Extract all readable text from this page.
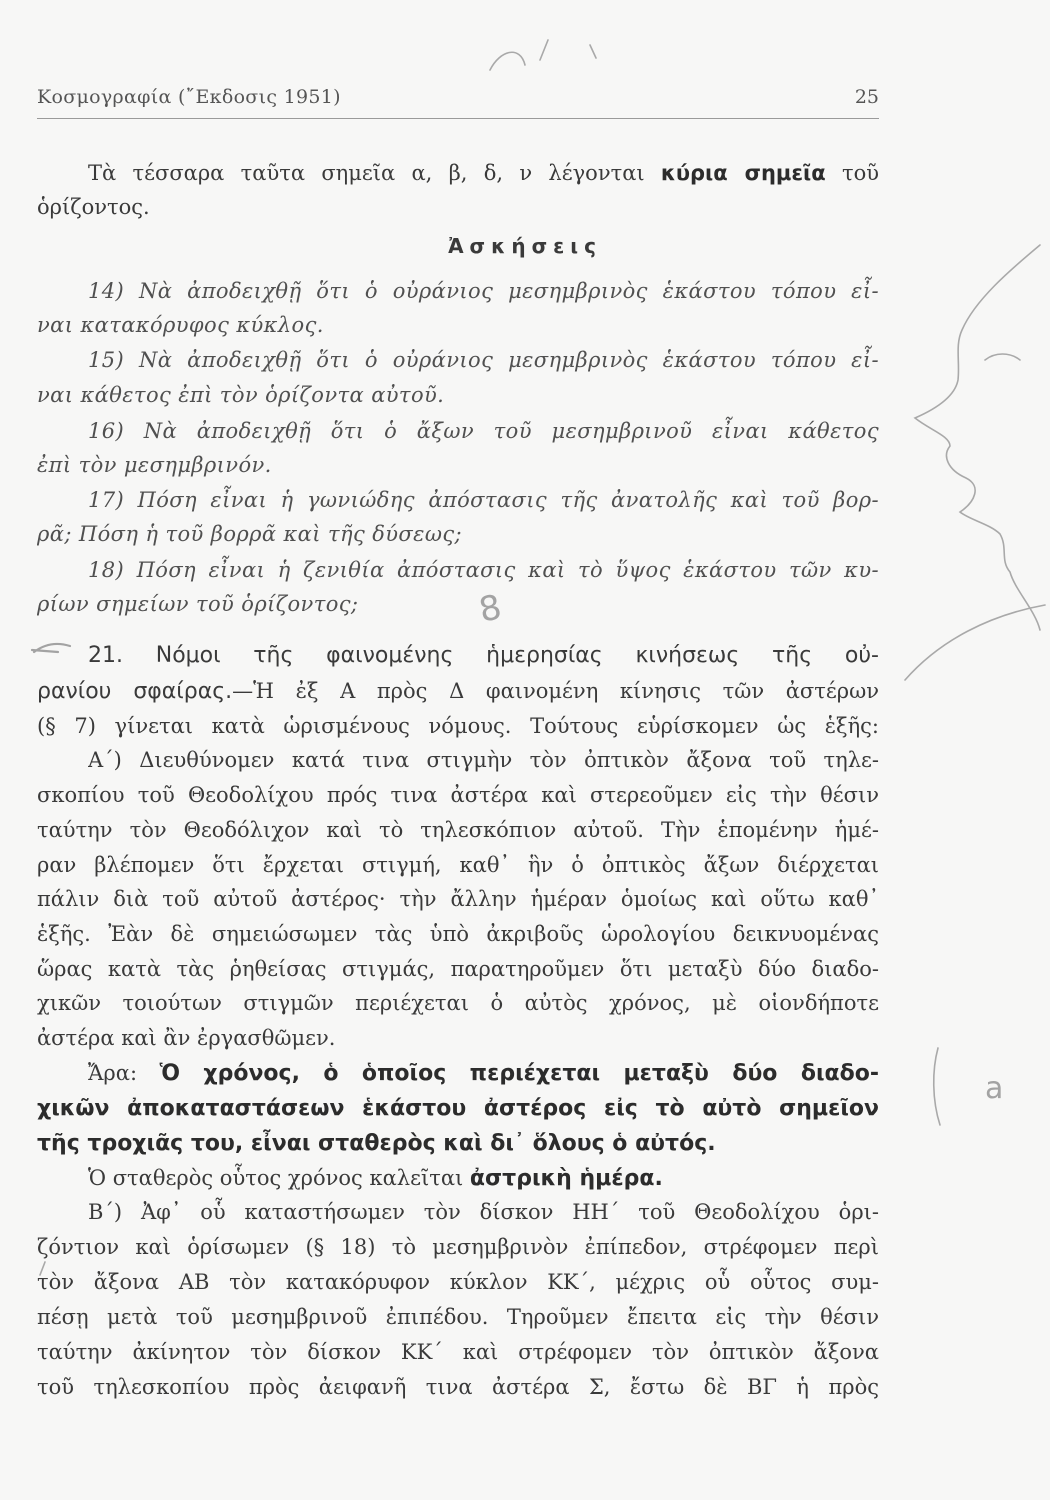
Κοσμογραφία (῎Εκδοσις 1951)	25
Τὰ τέσσαρα ταῦτα σημεῖα α, β, δ, ν λέγονται κύρια σημεῖα τοῦ
ὁρίζοντος.
Ἀσκήσεις
14) Νὰ ἀποδειχθῇ ὅτι ὁ οὐράνιος μεσημβρινὸς ἑκάστου τόπου εἶ-
ναι κατακόρυφος κύκλος.
15) Νὰ ἀποδειχθῇ ὅτι ὁ οὐράνιος μεσημβρινὸς ἑκάστου τόπου εἶ-
ναι κάθετος ἐπὶ τὸν ὁρίζοντα αὐτοῦ.
16) Νὰ ἀποδειχθῇ ὅτι ὁ ἄξων τοῦ μεσημβρινοῦ εἶναι κάθετος
ἐπὶ τὸν μεσημβρινόν.
17) Πόση εἶναι ἡ γωνιώδης ἀπόστασις τῆς ἀνατολῆς καὶ τοῦ βορ-
ρᾶ; Πόση ἡ τοῦ βορρᾶ καὶ τῆς δύσεως;
18) Πόση εἶναι ἡ ζενιθία ἀπόστασις καὶ τὸ ὕψος ἑκάστου τῶν κυ-
ρίων σημείων τοῦ ὁρίζοντος;
21. Νόμοι τῆς φαινομένης ἡμερησίας κινήσεως τῆς οὐ-
ρανίου σφαίρας.—Ἡ ἐξ Α πρὸς Δ φαινομένη κίνησις τῶν ἀστέρων
(§ 7) γίνεται κατὰ ὡρισμένους νόμους. Τούτους εὑρίσκομεν ὡς ἑξῆς:
Α΄) Διευθύνομεν κατά τινα στιγμὴν τὸν ὀπτικὸν ἄξονα τοῦ τηλε-
σκοπίου τοῦ Θεοδολίχου πρός τινα ἀστέρα καὶ στερεοῦμεν εἰς τὴν θέσιν
ταύτην τὸν Θεοδόλιχον καὶ τὸ τηλεσκόπιον αὐτοῦ. Τὴν ἑπομένην ἡμέ-
ραν βλέπομεν ὅτι ἔρχεται στιγμή, καθ᾿ ἣν ὁ ὀπτικὸς ἄξων διέρχεται
πάλιν διὰ τοῦ αὐτοῦ ἀστέρος· τὴν ἄλλην ἡμέραν ὁμοίως καὶ οὕτω καθ᾿
ἑξῆς. Ἐὰν δὲ σημειώσωμεν τὰς ὑπὸ ἀκριβοῦς ὡρολογίου δεικνυομένας
ὥρας κατὰ τὰς ῥηθείσας στιγμάς, παρατηροῦμεν ὅτι μεταξὺ δύο διαδο-
χικῶν τοιούτων στιγμῶν περιέχεται ὁ αὐτὸς χρόνος, μὲ οἱονδήποτε
ἀστέρα καὶ ἂν ἐργασθῶμεν.
Ἄρα: Ὁ χρόνος, ὁ ὁποῖος περιέχεται μεταξὺ δύο διαδο-
χικῶν ἀποκαταστάσεων ἑκάστου ἀστέρος εἰς τὸ αὐτὸ σημεῖον
τῆς τροχιᾶς του, εἶναι σταθερὸς καὶ δι᾿ ὅλους ὁ αὐτός.
Ὁ σταθερὸς οὗτος χρόνος καλεῖται ἀστρικὴ ἡμέρα.
Β΄) Ἀφ᾿ οὗ καταστήσωμεν τὸν δίσκον ΗΗ΄ τοῦ Θεοδολίχου ὁρι-
ζόντιον καὶ ὁρίσωμεν (§ 18) τὸ μεσημβρινὸν ἐπίπεδον, στρέφομεν περὶ
τὸν ἄξονα ΑΒ τὸν κατακόρυφον κύκλον ΚΚ΄, μέχρις οὗ οὗτος συμ-
πέσῃ μετὰ τοῦ μεσημβρινοῦ ἐπιπέδου. Τηροῦμεν ἔπειτα εἰς τὴν θέσιν
ταύτην ἀκίνητον τὸν δίσκον ΚΚ΄ καὶ στρέφομεν τὸν ὀπτικὸν ἄξονα
τοῦ τηλεσκοπίου πρὸς ἀειφανῆ τινα ἀστέρα Σ, ἔστω δὲ ΒΓ ἡ πρὸς
8
a
